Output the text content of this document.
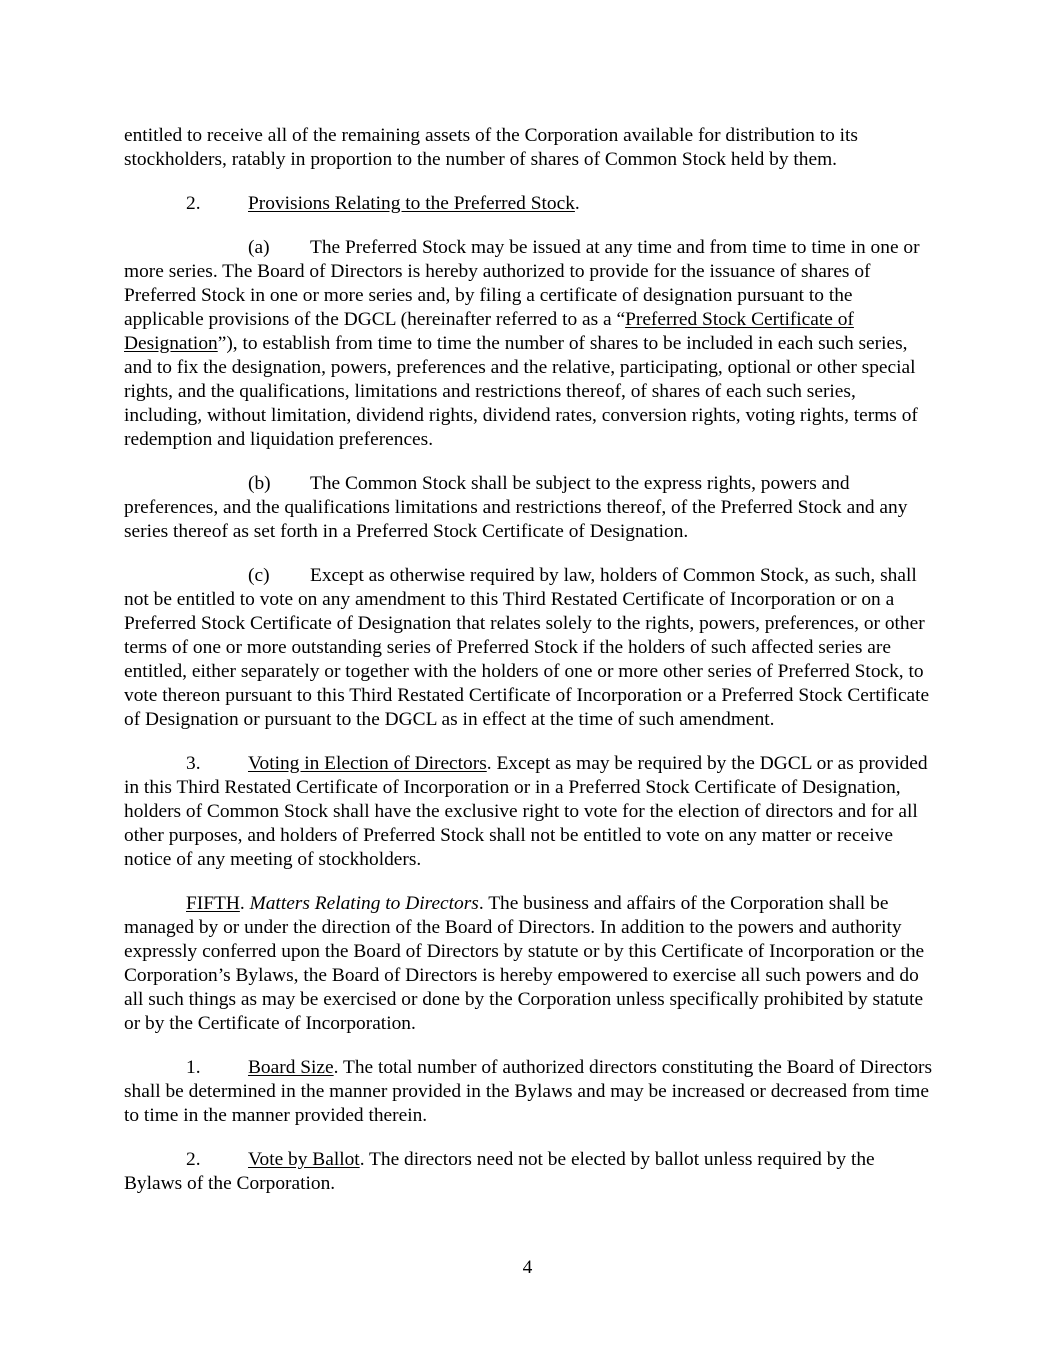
entitled to receive all of the remaining assets of the Corporation available for distribution to its stockholders, ratably in proportion to the number of shares of Common Stock held by them.

2. Provisions Relating to the Preferred Stock.

(a) The Preferred Stock may be issued at any time and from time to time in one or more series. The Board of Directors is hereby authorized to provide for the issuance of shares of Preferred Stock in one or more series and, by filing a certificate of designation pursuant to the applicable provisions of the DGCL (hereinafter referred to as a “Preferred Stock Certificate of Designation”), to establish from time to time the number of shares to be included in each such series, and to fix the designation, powers, preferences and the relative, participating, optional or other special rights, and the qualifications, limitations and restrictions thereof, of shares of each such series, including, without limitation, dividend rights, dividend rates, conversion rights, voting rights, terms of redemption and liquidation preferences.

(b) The Common Stock shall be subject to the express rights, powers and preferences, and the qualifications limitations and restrictions thereof, of the Preferred Stock and any series thereof as set forth in a Preferred Stock Certificate of Designation.

(c) Except as otherwise required by law, holders of Common Stock, as such, shall not be entitled to vote on any amendment to this Third Restated Certificate of Incorporation or on a Preferred Stock Certificate of Designation that relates solely to the rights, powers, preferences, or other terms of one or more outstanding series of Preferred Stock if the holders of such affected series are entitled, either separately or together with the holders of one or more other series of Preferred Stock, to vote thereon pursuant to this Third Restated Certificate of Incorporation or a Preferred Stock Certificate of Designation or pursuant to the DGCL as in effect at the time of such amendment.

3. Voting in Election of Directors. Except as may be required by the DGCL or as provided in this Third Restated Certificate of Incorporation or in a Preferred Stock Certificate of Designation, holders of Common Stock shall have the exclusive right to vote for the election of directors and for all other purposes, and holders of Preferred Stock shall not be entitled to vote on any matter or receive notice of any meeting of stockholders.

FIFTH. Matters Relating to Directors. The business and affairs of the Corporation shall be managed by or under the direction of the Board of Directors. In addition to the powers and authority expressly conferred upon the Board of Directors by statute or by this Certificate of Incorporation or the Corporation’s Bylaws, the Board of Directors is hereby empowered to exercise all such powers and do all such things as may be exercised or done by the Corporation unless specifically prohibited by statute or by the Certificate of Incorporation.

1. Board Size. The total number of authorized directors constituting the Board of Directors shall be determined in the manner provided in the Bylaws and may be increased or decreased from time to time in the manner provided therein.

2. Vote by Ballot. The directors need not be elected by ballot unless required by the Bylaws of the Corporation.

4
